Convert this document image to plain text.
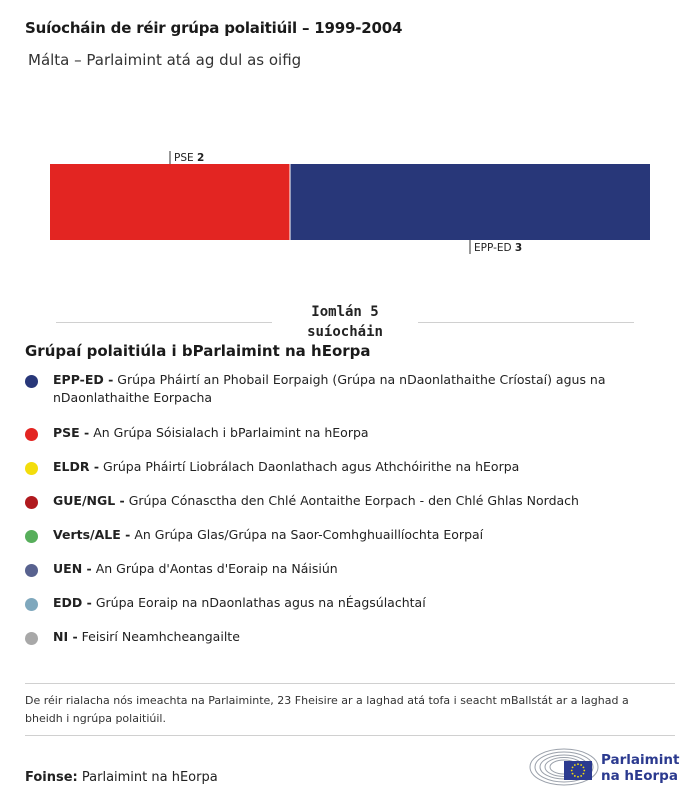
Suíocháin de réir grúpa polaitiúil – 1999-2004
Málta – Parlaimint atá ag dul as oifig
PSE 2
EPP-ED 3
Iomlán 5
suíocháin
Grúpaí polaitiúla i bParlaimint na hEorpa
EPP-ED - Grúpa Pháirtí an Phobail Eorpaigh (Grúpa na nDaonlathaithe Críostaí) agus na nDaonlathaithe Eorpacha
PSE - An Grúpa Sóisialach i bParlaimint na hEorpa
ELDR - Grúpa Pháirtí Liobrálach Daonlathach agus Athchóirithe na hEorpa
GUE/NGL - Grúpa Cónasctha den Chlé Aontaithe Eorpach - den Chlé Ghlas Nordach
Verts/ALE - An Grúpa Glas/Grúpa na Saor-Comhghuaillíochta Eorpaí
UEN - An Grúpa d'Aontas d'Eoraip na Náisiún
EDD - Grúpa Eoraip na nDaonlathas agus na nÉagsúlachtaí
NI - Feisirí Neamhcheangailte
De réir rialacha nós imeachta na Parlaiminte, 23 Fheisire ar a laghad atá tofa i seacht mBallstát ar a laghad a bheidh i ngrúpa polaitiúil.
Foinse: Parlaimint na hEorpa
Parlaimint
na hEorpa
